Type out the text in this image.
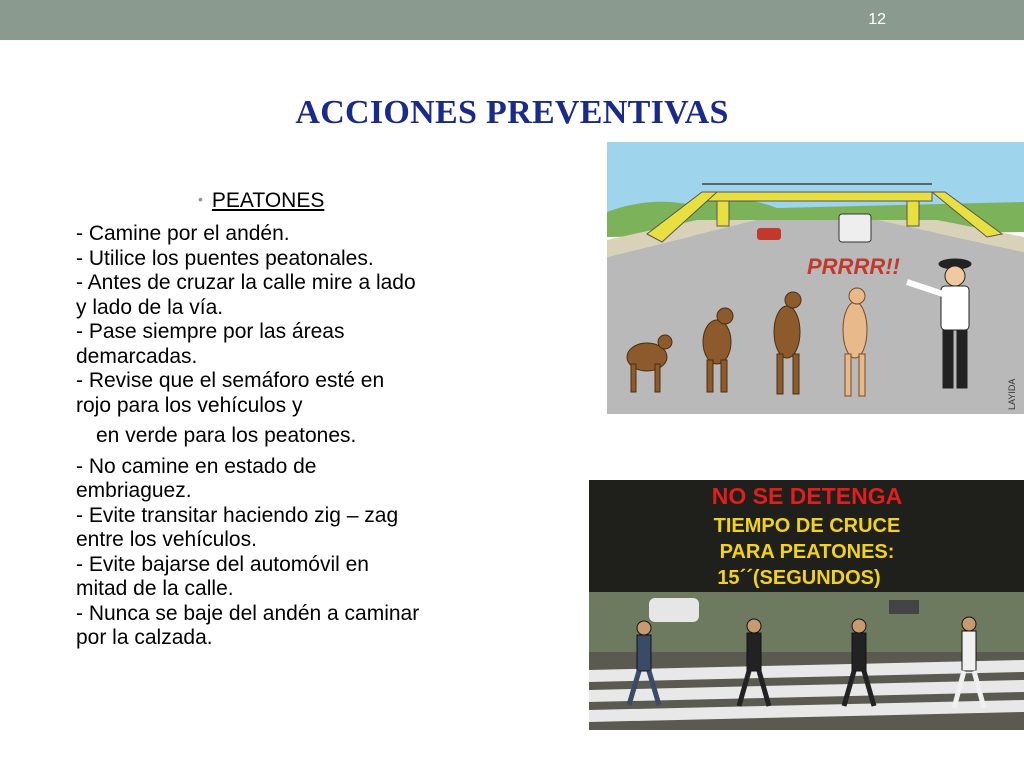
12
ACCIONES PREVENTIVAS
• PEATONES
- Camine por el andén.
- Utilice los puentes peatonales.
- Antes de cruzar la calle mire a lado
y lado de la vía.
- Pase siempre por las áreas
demarcadas.
- Revise que el semáforo esté en
rojo para los vehículos y
en verde para los peatones.
- No camine en estado de
embriaguez.
- Evite transitar haciendo zig – zag
entre los vehículos.
- Evite bajarse del automóvil en
mitad de la calle.
- Nunca se baje del andén a caminar
por la calzada.
PRRRR!!
LAYIDA
NO SE DETENGA
TIEMPO DE CRUCE
PARA PEATONES:
15´´(SEGUNDOS)
